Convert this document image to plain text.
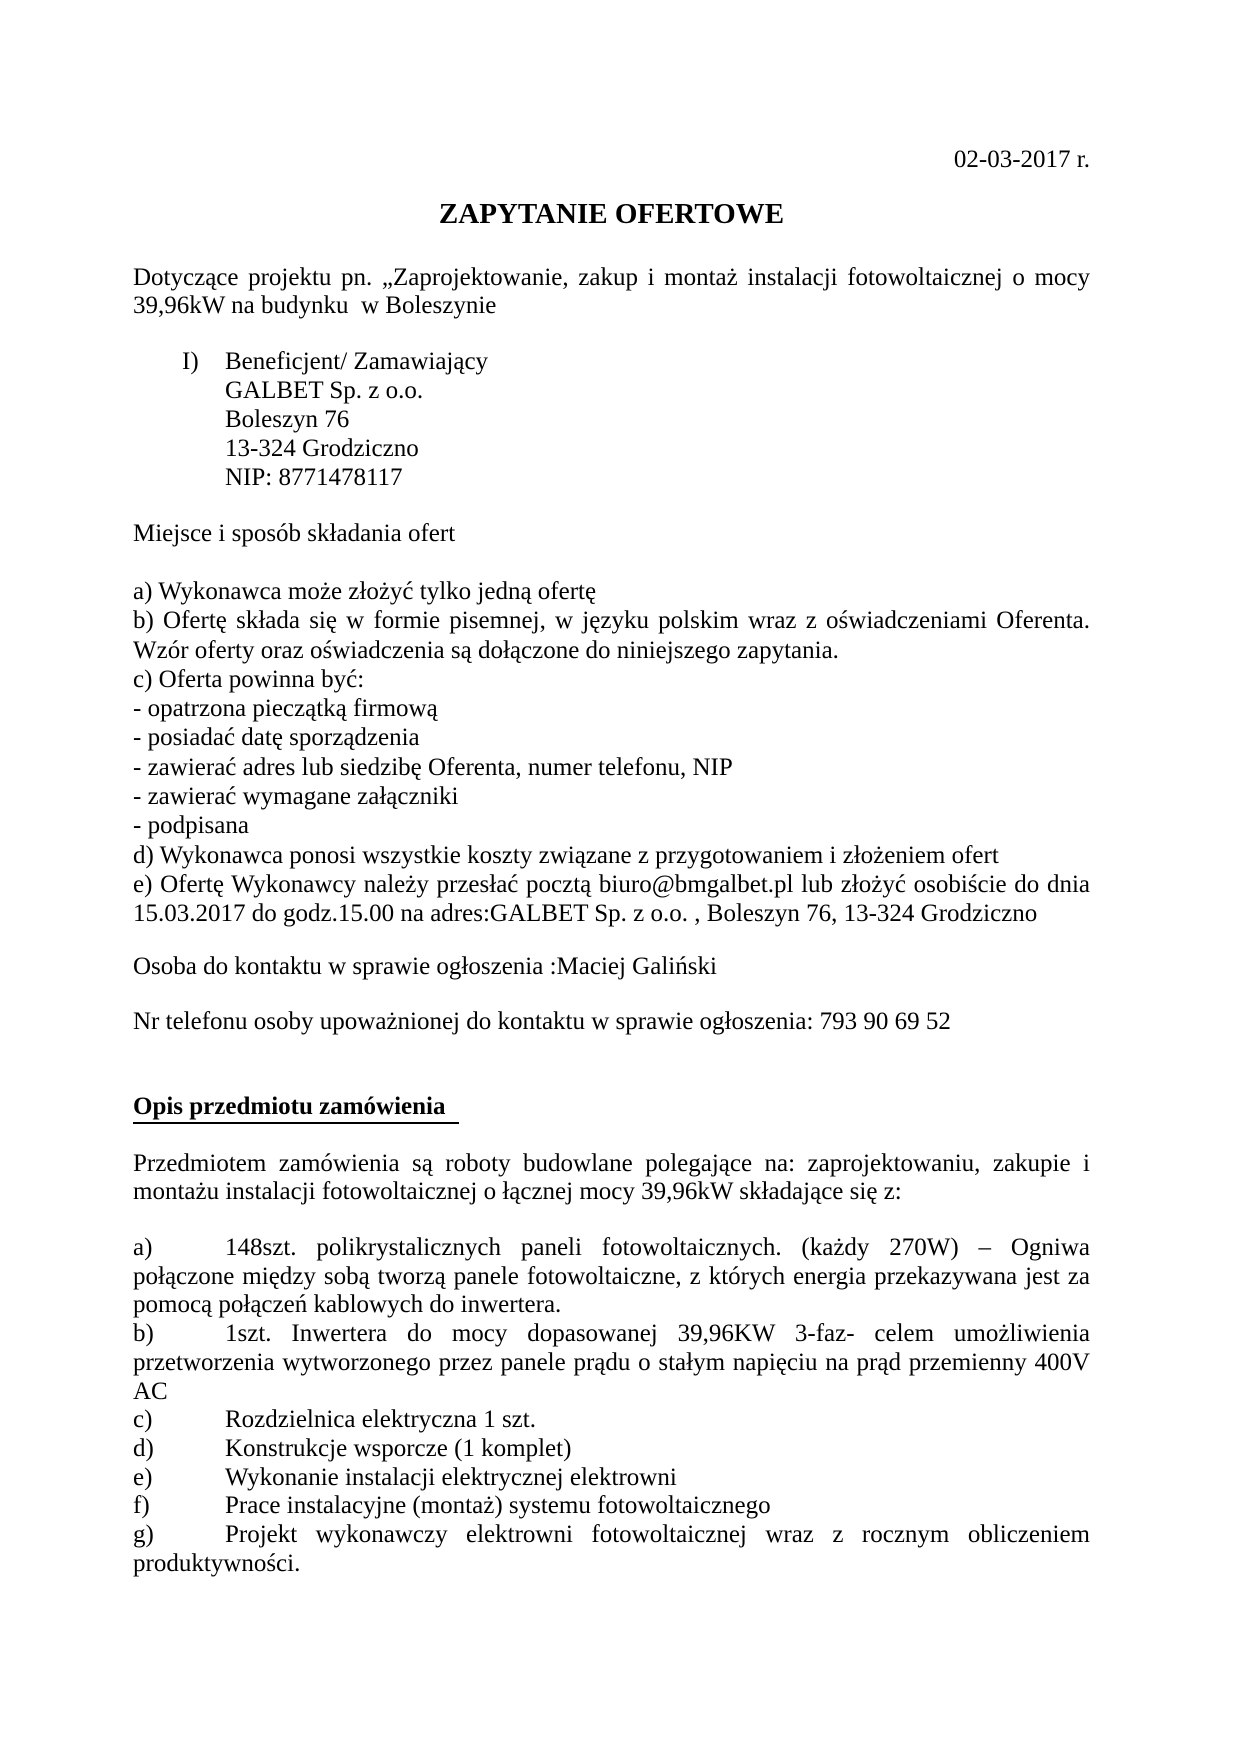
02-03-2017 r.
ZAPYTANIE OFERTOWE
Dotyczące projektu pn. „Zaprojektowanie, zakup i montaż instalacji fotowoltaicznej o mocy
39,96kW na budynku  w Boleszynie
I) Beneficjent/ Zamawiający
GALBET Sp. z o.o.
Boleszyn 76
13-324 Grodziczno
NIP: 8771478117
Miejsce i sposób składania ofert
a) Wykonawca może złożyć tylko jedną ofertę
b) Ofertę składa się w formie pisemnej, w języku polskim wraz z oświadczeniami Oferenta.
Wzór oferty oraz oświadczenia są dołączone do niniejszego zapytania.
c) Oferta powinna być:
- opatrzona pieczątką firmową
- posiadać datę sporządzenia
- zawierać adres lub siedzibę Oferenta, numer telefonu, NIP
- zawierać wymagane załączniki
- podpisana
d) Wykonawca ponosi wszystkie koszty związane z przygotowaniem i złożeniem ofert
e) Ofertę Wykonawcy należy przesłać pocztą biuro@bmgalbet.pl lub złożyć osobiście do dnia
15.03.2017 do godz.15.00 na adres:GALBET Sp. z o.o. , Boleszyn 76, 13-324 Grodziczno
Osoba do kontaktu w sprawie ogłoszenia :Maciej Galiński
Nr telefonu osoby upoważnionej do kontaktu w sprawie ogłoszenia: 793 90 69 52
Opis przedmiotu zamówienia
Przedmiotem zamówienia są roboty budowlane polegające na: zaprojektowaniu, zakupie i
montażu instalacji fotowoltaicznej o łącznej mocy 39,96kW składające się z:
a)	148szt. polikrystalicznych paneli fotowoltaicznych. (każdy 270W) – Ogniwa
połączone między sobą tworzą panele fotowoltaiczne, z których energia przekazywana jest za
pomocą połączeń kablowych do inwertera.
b)	1szt. Inwertera do mocy dopasowanej 39,96KW 3-faz- celem umożliwienia
przetworzenia wytworzonego przez panele prądu o stałym napięciu na prąd przemienny 400V
AC
c)	Rozdzielnica elektryczna 1 szt.
d)	Konstrukcje wsporcze (1 komplet)
e)	Wykonanie instalacji elektrycznej elektrowni
f)	Prace instalacyjne (montaż) systemu fotowoltaicznego
g)	Projekt wykonawczy elektrowni fotowoltaicznej wraz z rocznym obliczeniem
produktywności.
